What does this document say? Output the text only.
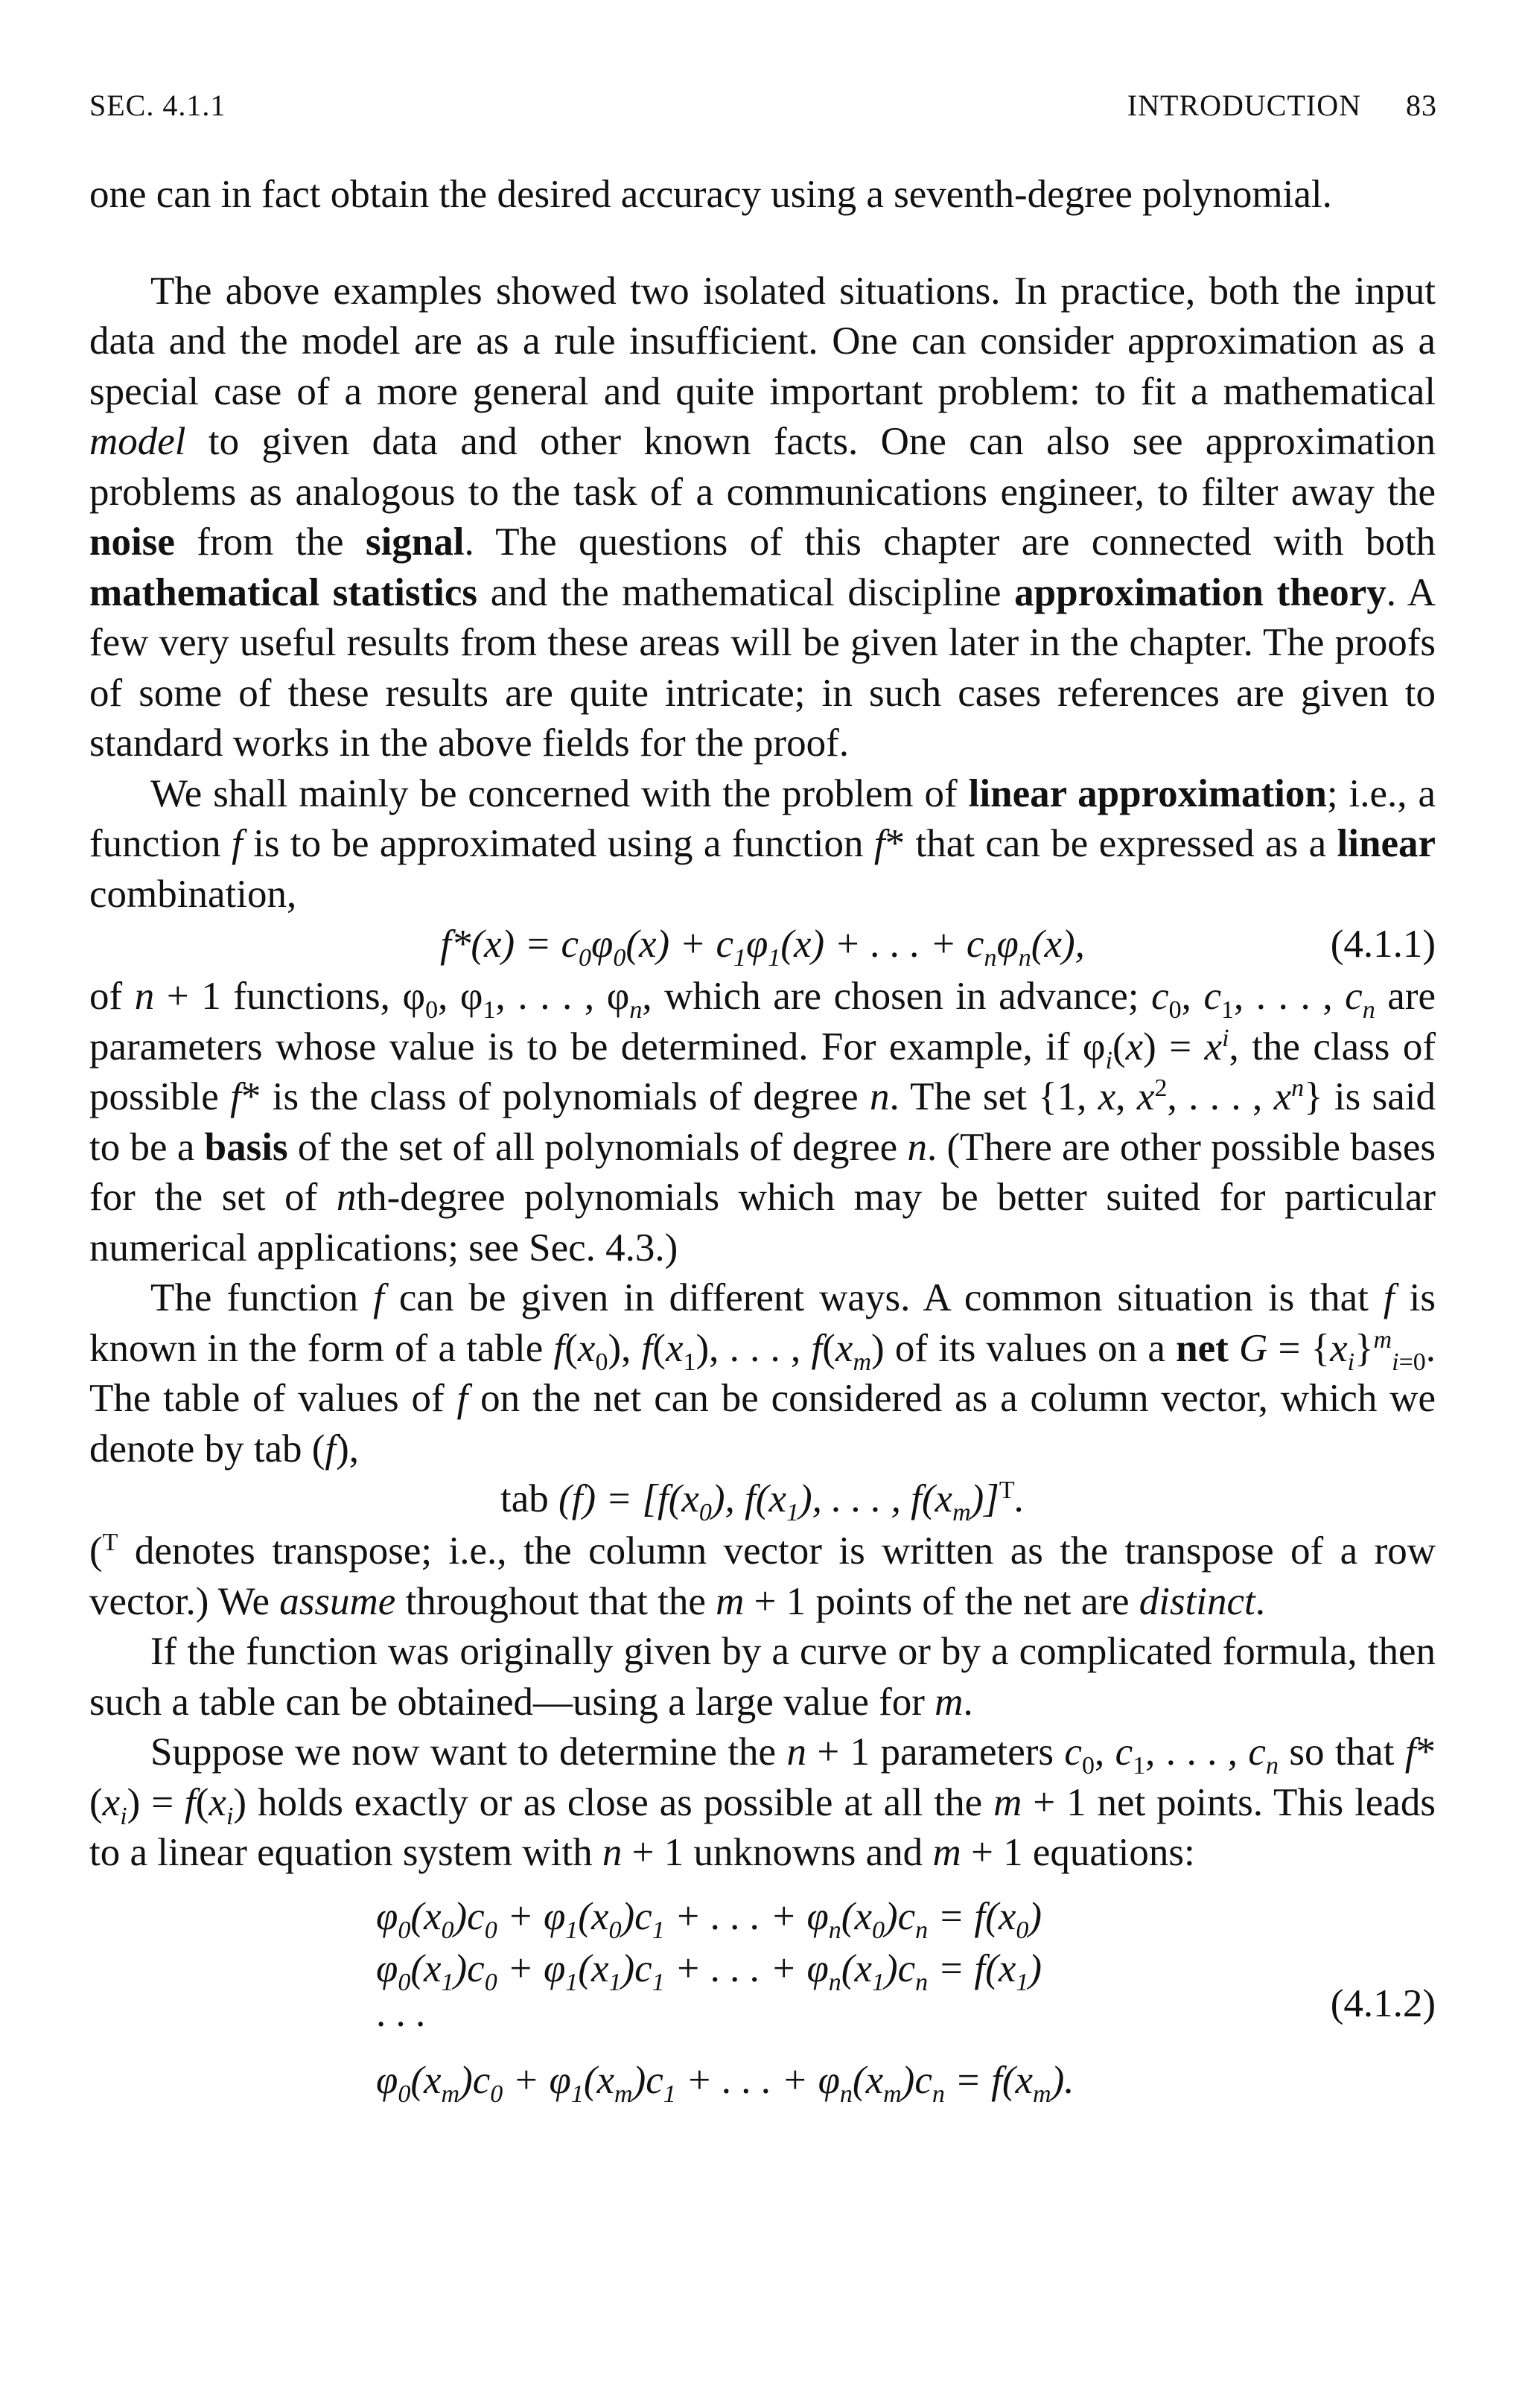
SEC. 4.1.1	INTRODUCTION 83

one can in fact obtain the desired accuracy using a seventh-degree polynomial.

The above examples showed two isolated situations. In practice, both the input data and the model are as a rule insufficient. One can consider approximation as a special case of a more general and quite important problem: to fit a mathematical model to given data and other known facts. One can also see approximation problems as analogous to the task of a communications engineer, to filter away the noise from the signal. The questions of this chapter are connected with both mathematical statistics and the mathematical discipline approximation theory. A few very useful results from these areas will be given later in the chapter. The proofs of some of these results are quite intricate; in such cases references are given to standard works in the above fields for the proof.

We shall mainly be concerned with the problem of linear approximation; i.e., a function f is to be approximated using a function f* that can be expressed as a linear combination,

$f*(x) = c_0\varphi_0(x) + c_1\varphi_1(x)$ + . . . + $c_n\varphi_n(x)$,	(4.1.1)

of n + 1 functions, $\varphi_0$, $\varphi_1$, . . . , $\varphi_n$, which are chosen in advance; $c_0$, $c_1$, . . . , $c_n$ are parameters whose value is to be determined. For example, if $\varphi_i(x) = x^i$, the class of possible f* is the class of polynomials of degree n. The set {1, x, $x^2$, . . . , $x^n$} is said to be a basis of the set of all polynomials of degree n. (There are other possible bases for the set of nth-degree polynomials which may be better suited for particular numerical applications; see Sec. 4.3.)

The function f can be given in different ways. A common situation is that f is known in the form of a table $f(x_0)$, $f(x_1)$, . . . , $f(x_m)$ of its values on a net $G = \{x_i\}^m_{i=0}$. The table of values of f on the net can be considered as a column vector, which we denote by tab (f),

tab $(f) = [f(x_0)$, $f(x_1)$, . . . , $f(x_m)]^T$.

($^T$ denotes transpose; i.e., the column vector is written as the transpose of a row vector.) We assume throughout that the m + 1 points of the net are distinct.

If the function was originally given by a curve or by a complicated formula, then such a table can be obtained—using a large value for m.

Suppose we now want to determine the n + 1 parameters $c_0$, $c_1$, . . . , $c_n$ so that $f*(x_i) = f(x_i)$ holds exactly or as close as possible at all the m + 1 net points. This leads to a linear equation system with n + 1 unknowns and m + 1 equations:

$\varphi_0(x_0)c_0 + \varphi_1(x_0)c_1$ + . . . + $\varphi_n(x_0)c_n = f(x_0)$
$\varphi_0(x_1)c_0 + \varphi_1(x_1)c_1$ + . . . + $\varphi_n(x_1)c_n = f(x_1)$
. . .
$\varphi_0(x_m)c_0 + \varphi_1(x_m)c_1$ + . . . + $\varphi_n(x_m)c_n = f(x_m)$.
(4.1.2)
